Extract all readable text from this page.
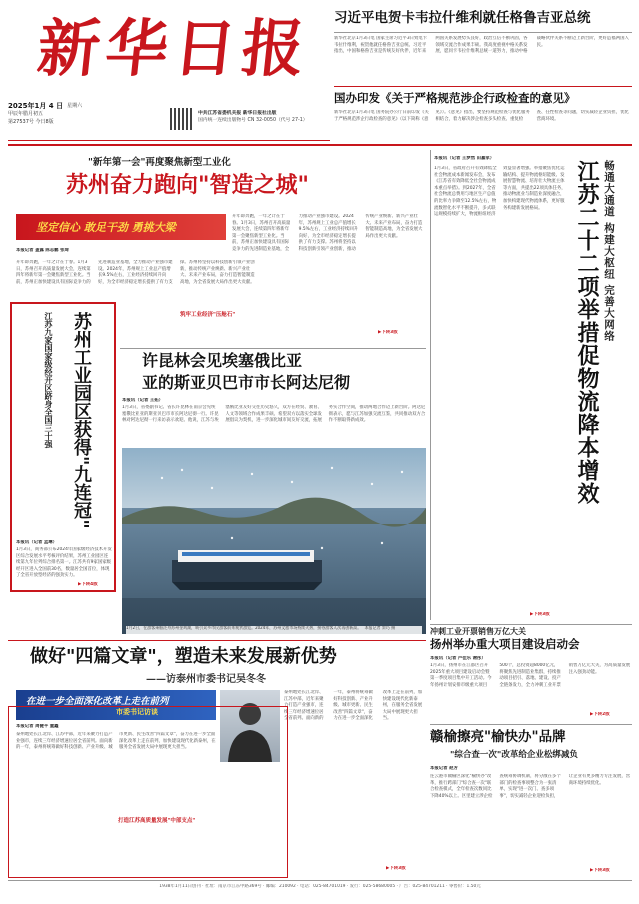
新华日报
2025年1月 4 日 星期六
甲辰年腊月初五
第27537号 今日8版
中共江苏省委机关报 新华日报社出版
国内统一连续出版物号 CN 32-0050（代号 27-1）
习近平电贺卡韦拉什维利就任格鲁吉亚总统
新华社北京1月3日电 国家主席习近平3日致电卡韦拉什维利，祝贺他就任格鲁吉亚总统。习近平指出，中国和格鲁吉亚是传统友好伙伴，近年来两国关系发展势头良好，政治互信不断巩固，各领域交流合作成果丰硕。我高度重视中格关系发展，愿同卡韦拉什维利总统一道努力，推动中格战略伙伴关系不断迈上新台阶，更好造福两国人民。
国办印发《关于严格规范涉企行政检查的意见》
新华社北京1月3日电 国务院办公厅日前印发《关于严格规范涉企行政检查的意见》（以下简称《意见》）。《意见》指出，要坚持规范检查与优化服务相结合，着力解决涉企检查多头检查、重复检查、任性检查等问题，切实减轻企业负担，优化营商环境。
"新年第一会"再度聚焦新型工业化
苏州奋力跑向"智造之城"
坚定信心 敢足干劲 勇挑大梁
本报记者 盖露 陈志鹏 张琦
开年即奔跑，一年之计在于春。1月3日，苏州召开高质量发展大会，连续第四年将新年第一会聚焦新型工业化。当前，苏州正加快建设具有国际竞争力的先进制造业基地，全力推动产业强市建设。2024年，苏州规上工业总产值增长9.5%左右，工业经济持续回升向好，为全市经济稳定增长提供了有力支撑。苏州将坚持以科技创新引领产业创新，推动传统产业焕新、新兴产业壮大、未来产业布局，奋力打造智能制造高地，为全省发展大局作出更大贡献。
筑牢工业经济"压舱石"
开年即奔跑，一年之计在于春。1月3日，苏州召开高质量发展大会，连续第四年将新年第一会聚焦新型工业化。当前，苏州正加快建设具有国际竞争力的先进制造业基地，全力推动产业强市建设。2024年，苏州规上工业总产值增长9.5%左右，工业经济持续回升向好，为全市经济稳定增长提供了有力支撑。苏州将坚持以科技创新引领产业创新，推动传统产业焕新、新兴产业壮大、未来产业布局，奋力打造智能制造高地，为全省发展大局作出更大贡献。
▶下转3版	畅通大通道 构建大枢纽 完善大网络
江苏二十二项举措促物流降本增效
本报讯（记者 王梦然 田嘉家）
1月3日，省政府召开有效降低全社会物流成本新闻发布会，发布《江苏省有效降低全社会物流成本重点举措》。到2027年，全省社会物流总费用与地区生产总值的比率力争降至12.5%左右，物流数智化水平不断提升，多式联运规模持续扩大，物流枢纽经济效益显著增强。举措聚焦优化运输结构、提升物流枢纽能级、发展智慧物流、培育壮大物流主体等方面，共提出22项具体任务，推动物流业与制造业深度融合，加快构建现代物流体系，更好服务构建新发展格局。
▶下转3版
苏州工业园区获得"九连冠"
江苏九家国家级经开区跻身全国三十强
本报讯（记者 孟琳）
1月3日，商务部公布2024年国家级经济技术开发区综合发展水平考核评价结果，苏州工业园区连续第九年位列综合排名第一。江苏共有9家国家级经开区进入全国前30名，数量居全国首位，体现了全省开放型经济的强劲实力。
▶下转4版
许昆林会见埃塞俄比亚
亚的斯亚贝巴市市长阿达尼彻
本报讯（记者 王拓）
1月3日，省委副书记、省长许昆林在南京会见埃塞俄比亚亚的斯亚贝巴市市长阿达尼彻一行。许昆林对阿达尼彻一行来访表示欢迎。他说，江苏与埃塞俄比亚友好交往历史悠久，双方在经贸、教育、人文等领域合作成果丰硕。希望双方以落实全球发展倡议为契机，进一步深化城市间友好交流，拓展务实合作空间，推动两地合作迈上新台阶。阿达尼彻表示，愿与江苏加强交流互鉴，共同推动双方合作不断取得新成效。
1月2日，在游客乘船泛舟苏州金鸡湖，吸引众多市民游客前来观赏游览。2024年，苏州文旅市场持续火热，接待游客人次再创新高。 本报记者 窦巧 摄	冲刺工业开票销售万亿大关
扬州举办重大项目建设启动会
本报讯（记者 卢佳乐 谢彤）
1月3日，扬州市在江都区召开2025年重大项目建设启动会暨第一季度项目集中开工活动。今年扬州计划安排市级重大项目500个，总投资超8000亿元，将聚焦先进制造业集群，持续推动项目招引、落地、建设、投产全链条发力，全力冲刺工业开票销售万亿元大关，为高质量发展注入强劲动能。
▶下转2版
做好"四篇文章"，塑造未来发展新优势
——访泰州市委书记吴冬冬
在进一步全面深化改革上走在前列
市委书记访谈
本报记者 周健平 童鑫
泰州地处长江北岸、江苏中部，近年来聚力打造产业强市，连续三年经济增速位居全省前列。面向新的一年，泰州将统筹做好科技创新、产业升级、城市更新、民生改善"四篇文章"，奋力在进一步全面深化改革上走在前列，加快建设现代化新泰州，在服务全省发展大局中展现更大担当。
打造江苏高质量发展"中部支点"
泰州地处长江北岸、江苏中部，近年来聚力打造产业强市，连续三年经济增速位居全省前列。面向新的一年，泰州将统筹做好科技创新、产业升级、城市更新、民生改善"四篇文章"，奋力在进一步全面深化改革上走在前列，加快建设现代化新泰州，在服务全省发展大局中展现更大担当。
▶下转3版
赣榆擦亮"榆快办"品牌
"综合查一次"改革给企业松绑减负
本报记者 赵芳
连云港市赣榆区深化"榆快办"改革，推行跨部门"综合查一次"联合检查模式，全年检查次数同比下降40%以上。区里建立涉企检查统筹协调机制，将分散在多个部门的检查事项整合为一张清单，实现"进一次门、查多项事"，切实减轻企业迎检负担，让企业有更多精力专注发展，营商环境持续优化。
▶下转3版
1938年1月11日创刊 · 社址：南京市江东中路369号 · 邮编：210092 · 电话：025-84701019 · 发行：025-58680005 · 广告：025-84701211 · 零售价：1.50元
